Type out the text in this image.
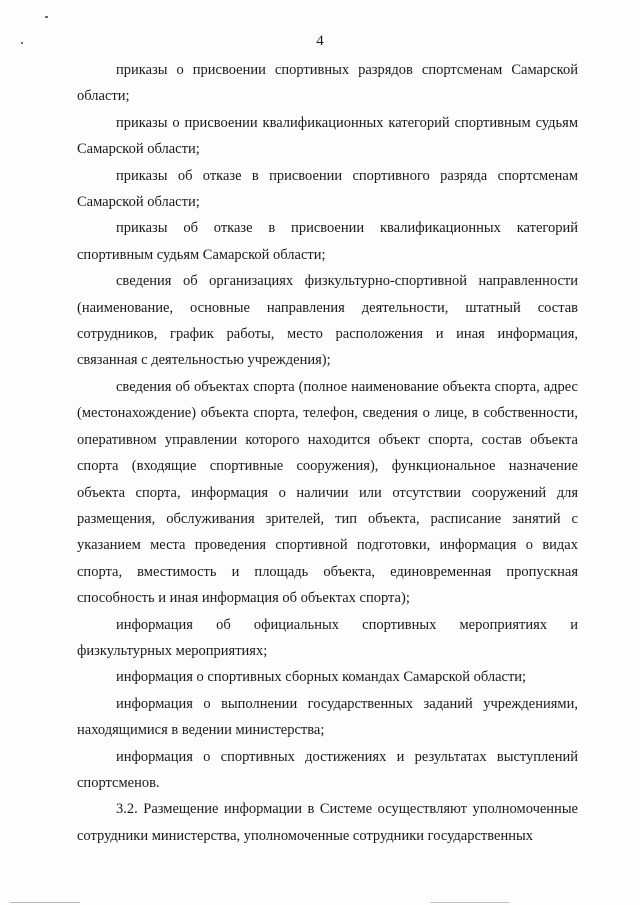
4

приказы о присвоении спортивных разрядов спортсменам Самарской области;

приказы о присвоении квалификационных категорий спортивным судьям Самарской области;

приказы об отказе в присвоении спортивного разряда спортсменам Самарской области;

приказы об отказе в присвоении квалификационных категорий спортивным судьям Самарской области;

сведения об организациях физкультурно-спортивной направленности (наименование, основные направления деятельности, штатный состав сотрудников, график работы, место расположения и иная информация, связанная с деятельностью учреждения);

сведения об объектах спорта (полное наименование объекта спорта, адрес (местонахождение) объекта спорта, телефон, сведения о лице, в собственности, оперативном управлении которого находится объект спорта, состав объекта спорта (входящие спортивные сооружения), функциональное назначение объекта спорта, информация о наличии или отсутствии сооружений для размещения, обслуживания зрителей, тип объекта, расписание занятий с указанием места проведения спортивной подготовки, информация о видах спорта, вместимость и площадь объекта, единовременная пропускная способность и иная информация об объектах спорта);

информация об официальных спортивных мероприятиях и физкультурных мероприятиях;

информация о спортивных сборных командах Самарской области;

информация о выполнении государственных заданий учреждениями, находящимися в ведении министерства;

информация о спортивных достижениях и результатах выступлений спортсменов.

3.2. Размещение информации в Системе осуществляют уполномоченные сотрудники министерства, уполномоченные сотрудники государственных
